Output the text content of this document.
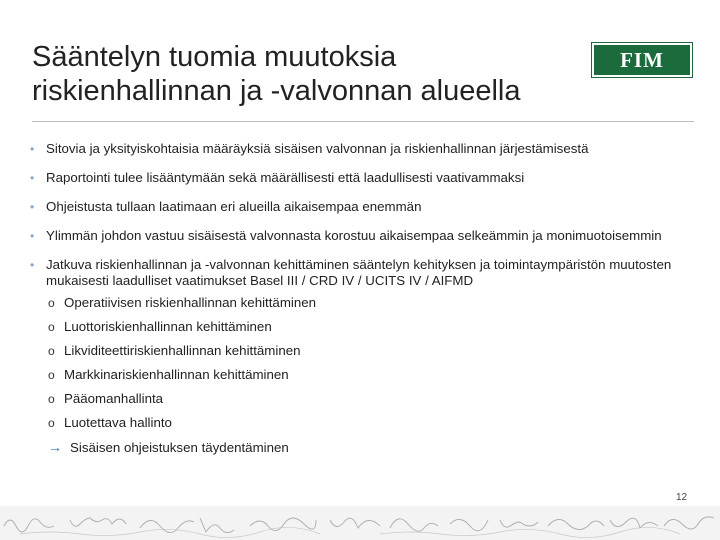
Sääntelyn tuomia muutoksia
riskienhallinnan ja -valvonnan alueella
FIM
• Sitovia ja yksityiskohtaisia määräyksiä sisäisen valvonnan ja riskienhallinnan järjestämisestä
• Raportointi tulee lisääntymään sekä määrällisesti että laadullisesti vaativammaksi
• Ohjeistusta tullaan laatimaan eri alueilla aikaisempaa enemmän
• Ylimmän johdon vastuu sisäisestä valvonnasta korostuu aikaisempaa selkeämmin ja monimuotoisemmin
• Jatkuva riskienhallinnan ja -valvonnan kehittäminen sääntelyn kehityksen ja toimintaympäristön muutosten mukaisesti laadulliset vaatimukset Basel III / CRD IV / UCITS IV / AIFMD
o Operatiivisen riskienhallinnan kehittäminen
o Luottoriskienhallinnan kehittäminen
o Likviditeettiriskienhallinnan kehittäminen
o Markkinariskienhallinnan kehittäminen
o Pääomanhallinta
o Luotettava hallinto
→ Sisäisen ohjeistuksen täydentäminen
12
